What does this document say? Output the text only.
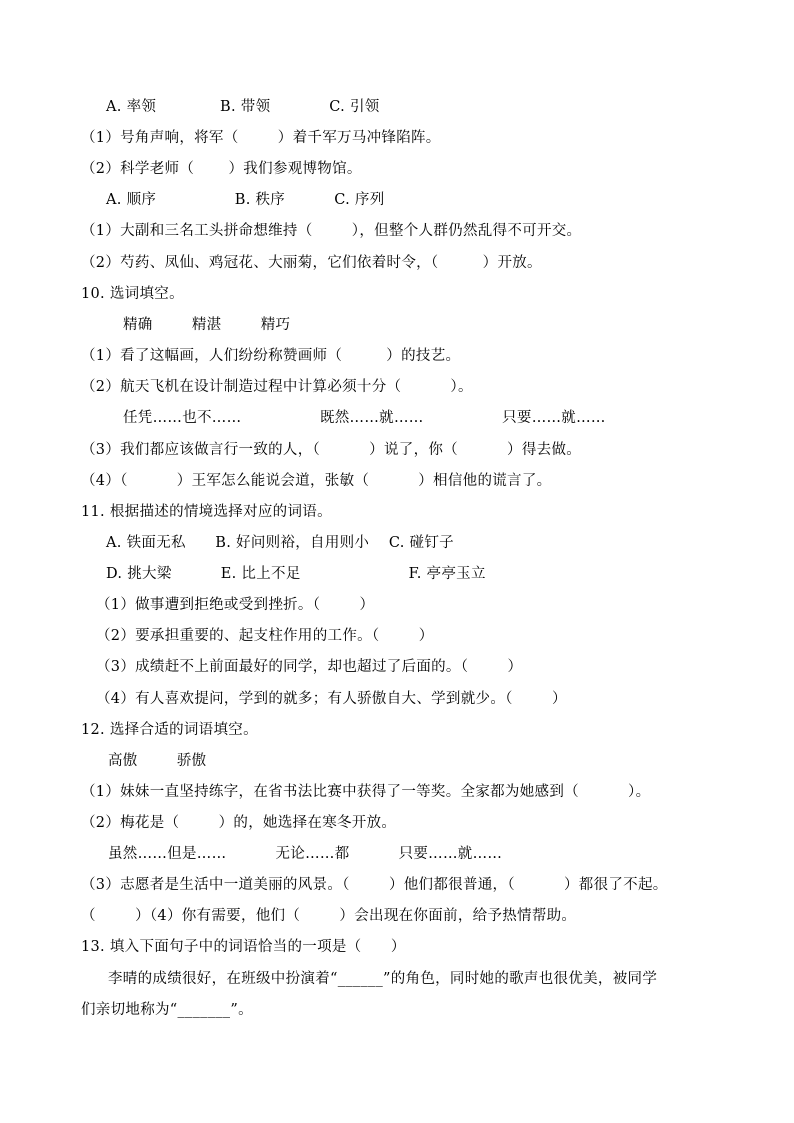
A. 率领             B. 带领            C. 引领
（1）号角声响，将军（        ）着千军万马冲锋陷阵。
（2）科学老师（       ）我们参观博物馆。
A. 顺序                B. 秩序          C. 序列
（1）大副和三名工头拼命想维持（        ），但整个人群仍然乱得不可开交。
（2）芍药、凤仙、鸡冠花、大丽菊，它们依着时令，（         ）开放。
10. 选词填空。
精确        精湛        精巧
（1）看了这幅画，人们纷纷称赞画师（         ）的技艺。
（2）航天飞机在设计制造过程中计算必须十分（          ）。
任凭……也不……                既然……就……                只要……就……
（3）我们都应该做言行一致的人，（          ）说了，你（          ）得去做。
（4）（          ）王军怎么能说会道，张敏（          ）相信他的谎言了。
11. 根据描述的情境选择对应的词语。
A. 铁面无私      B. 好问则裕，自用则小    C. 碰钉子
D. 挑大梁          E. 比上不足                      F. 亭亭玉立
（1）做事遭到拒绝或受到挫折。（        ）
（2）要承担重要的、起支柱作用的工作。（        ）
（3）成绩赶不上前面最好的同学，却也超过了后面的。（        ）
（4）有人喜欢提问，学到的就多；有人骄傲自大、学到就少。（        ）
12. 选择合适的词语填空。
高傲        骄傲
（1）妹妹一直坚持练字，在省书法比赛中获得了一等奖。全家都为她感到（          ）。
（2）梅花是（        ）的，她选择在寒冬开放。
虽然……但是……          无论……都          只要……就……
（3）志愿者是生活中一道美丽的风景。（        ）他们都很普通，（          ）都很了不起。
（        ）（4）你有需要，他们（        ）会出现在你面前，给予热情帮助。
13. 填入下面句子中的词语恰当的一项是（      ）
李晴的成绩很好，在班级中扮演着“______”的角色，同时她的歌声也很优美，被同学
们亲切地称为“_______”。
